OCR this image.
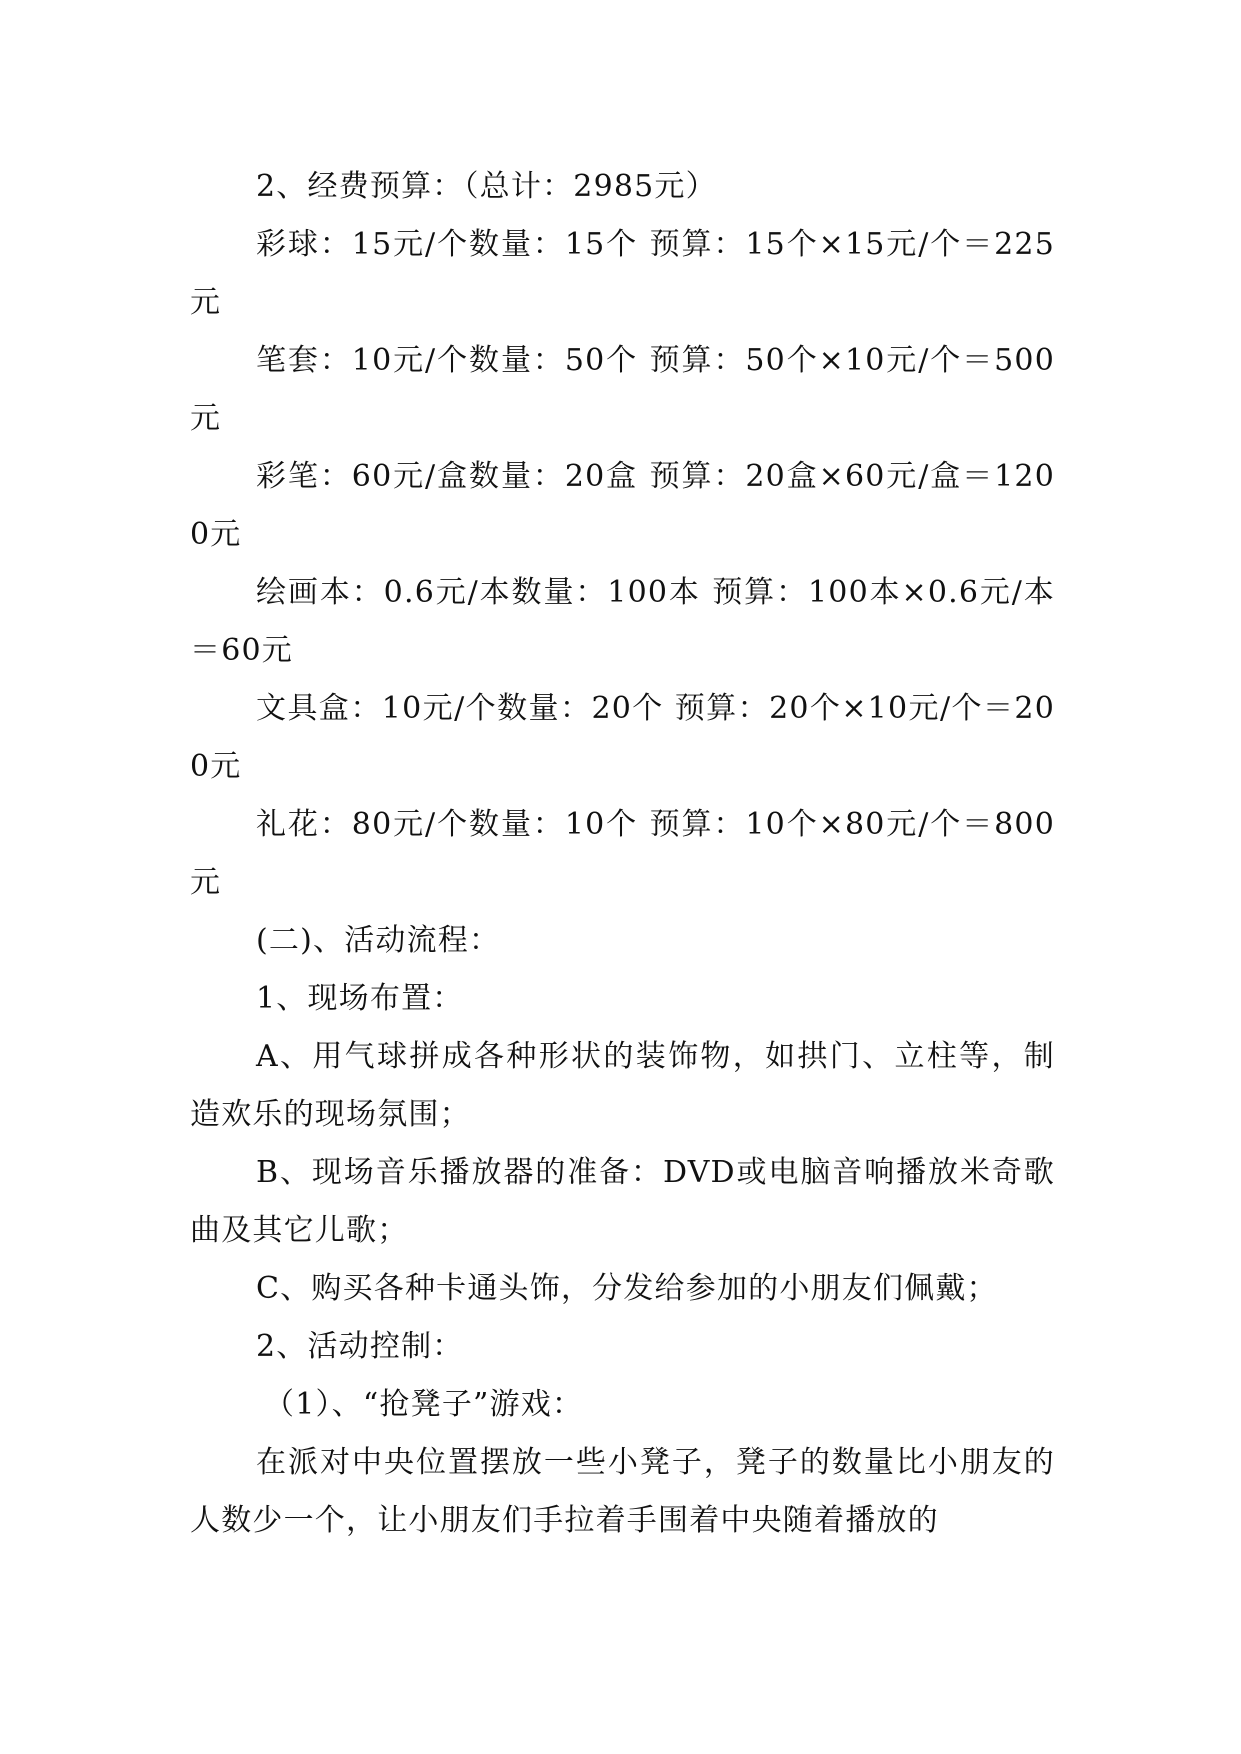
2、经费预算：（总计：2985元）

彩球：15元/个数量：15个 预算：15个×15元/个＝225元

笔套：10元/个数量：50个 预算：50个×10元/个＝500元

彩笔：60元/盒数量：20盒 预算：20盒×60元/盒＝1200元

绘画本：0.6元/本数量：100本 预算：100本×0.6元/本＝60元

文具盒：10元/个数量：20个 预算：20个×10元/个＝200元

礼花：80元/个数量：10个 预算：10个×80元/个＝800元

(二)、活动流程：

1、现场布置：

A、用气球拼成各种形状的装饰物，如拱门、立柱等，制造欢乐的现场氛围；

B、现场音乐播放器的准备：DVD或电脑音响播放米奇歌曲及其它儿歌；

C、购买各种卡通头饰，分发给参加的小朋友们佩戴；

2、活动控制：

（1）、“抢凳子”游戏：

在派对中央位置摆放一些小凳子，凳子的数量比小朋友的人数少一个，让小朋友们手拉着手围着中央随着播放的
